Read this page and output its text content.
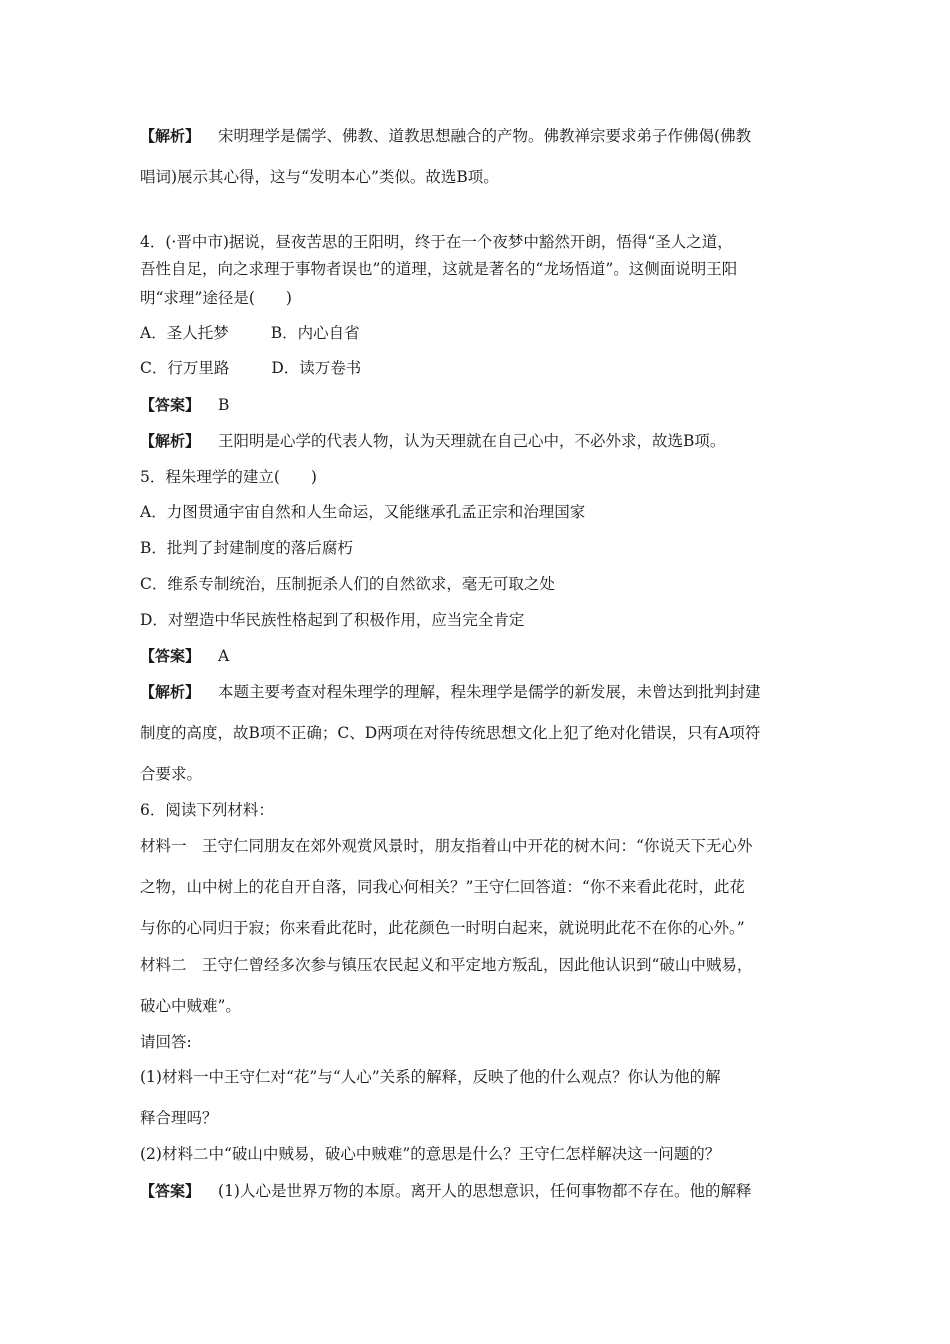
【解析】 宋明理学是儒学、佛教、道教思想融合的产物。佛教禅宗要求弟子作佛偈(佛教
唱词)展示其心得，这与“发明本心”类似。故选B项。
4．(·晋中市)据说，昼夜苦思的王阳明，终于在一个夜梦中豁然开朗，悟得“圣人之道，
吾性自足，向之求理于事物者误也”的道理，这就是著名的“龙场悟道”。这侧面说明王阳
明“求理”途径是(　　)
A．圣人托梦	B．内心自省
C．行万里路	D．读万卷书
【答案】 B
【解析】 王阳明是心学的代表人物，认为天理就在自己心中，不必外求，故选B项。
5．程朱理学的建立(　　)
A．力图贯通宇宙自然和人生命运，又能继承孔孟正宗和治理国家
B．批判了封建制度的落后腐朽
C．维系专制统治，压制扼杀人们的自然欲求，毫无可取之处
D．对塑造中华民族性格起到了积极作用，应当完全肯定
【答案】 A
【解析】 本题主要考查对程朱理学的理解，程朱理学是儒学的新发展，未曾达到批判封建
制度的高度，故B项不正确；C、D两项在对待传统思想文化上犯了绝对化错误，只有A项符
合要求。
6．阅读下列材料：
材料一　王守仁同朋友在郊外观赏风景时，朋友指着山中开花的树木问：“你说天下无心外
之物，山中树上的花自开自落，同我心何相关？”王守仁回答道：“你不来看此花时，此花
与你的心同归于寂；你来看此花时，此花颜色一时明白起来，就说明此花不在你的心外。”
材料二　王守仁曾经多次参与镇压农民起义和平定地方叛乱，因此他认识到“破山中贼易，
破心中贼难”。
请回答:
(1)材料一中王守仁对“花”与“人心”关系的解释，反映了他的什么观点？你认为他的解
释合理吗？
(2)材料二中“破山中贼易，破心中贼难”的意思是什么？王守仁怎样解决这一问题的？
【答案】 (1)人心是世界万物的本原。离开人的思想意识，任何事物都不存在。他的解释
